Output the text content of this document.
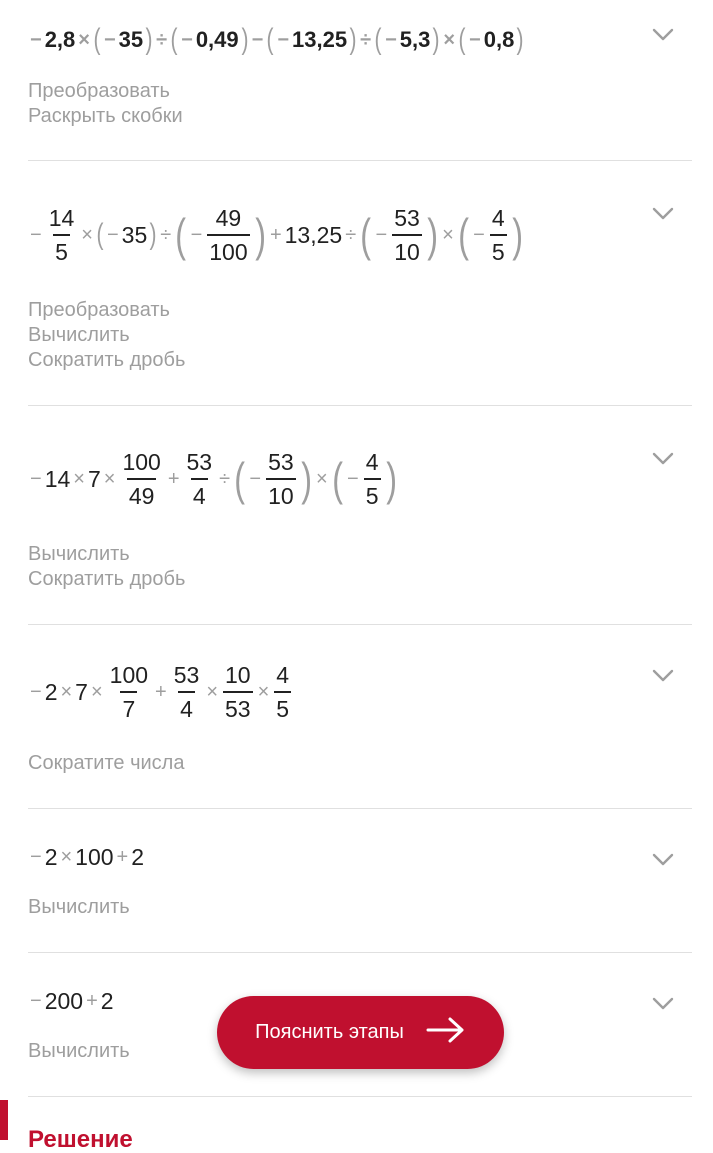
− 2,8 × ( − 35 ) ÷ ( − 0,49 ) − ( − 13,25 ) ÷ ( − 5,3 ) × ( − 0,8 )
Преобразовать
Раскрыть скобки
− $\frac{14}{5}$ × ( − 35 ) ÷ ( − $\frac{49}{100}$ ) + 13,25 ÷ ( − $\frac{53}{10}$ ) × ( − $\frac{4}{5}$ )
Преобразовать
Вычислить
Сократить дробь
− $14 \times 7 \times \frac{100}{49} + \frac{53}{4}$ ÷ ( − $\frac{53}{10}$ ) × ( − $\frac{4}{5}$ )
Вычислить
Сократить дробь
− $2 \times 7 \times \frac{100}{7} + \frac{53}{4} \times \frac{10}{53} \times \frac{4}{5}$
Сократите числа
− 2 × 100 + 2
Вычислить
− 200 + 2
Вычислить
Пояснить этапы
Решение
